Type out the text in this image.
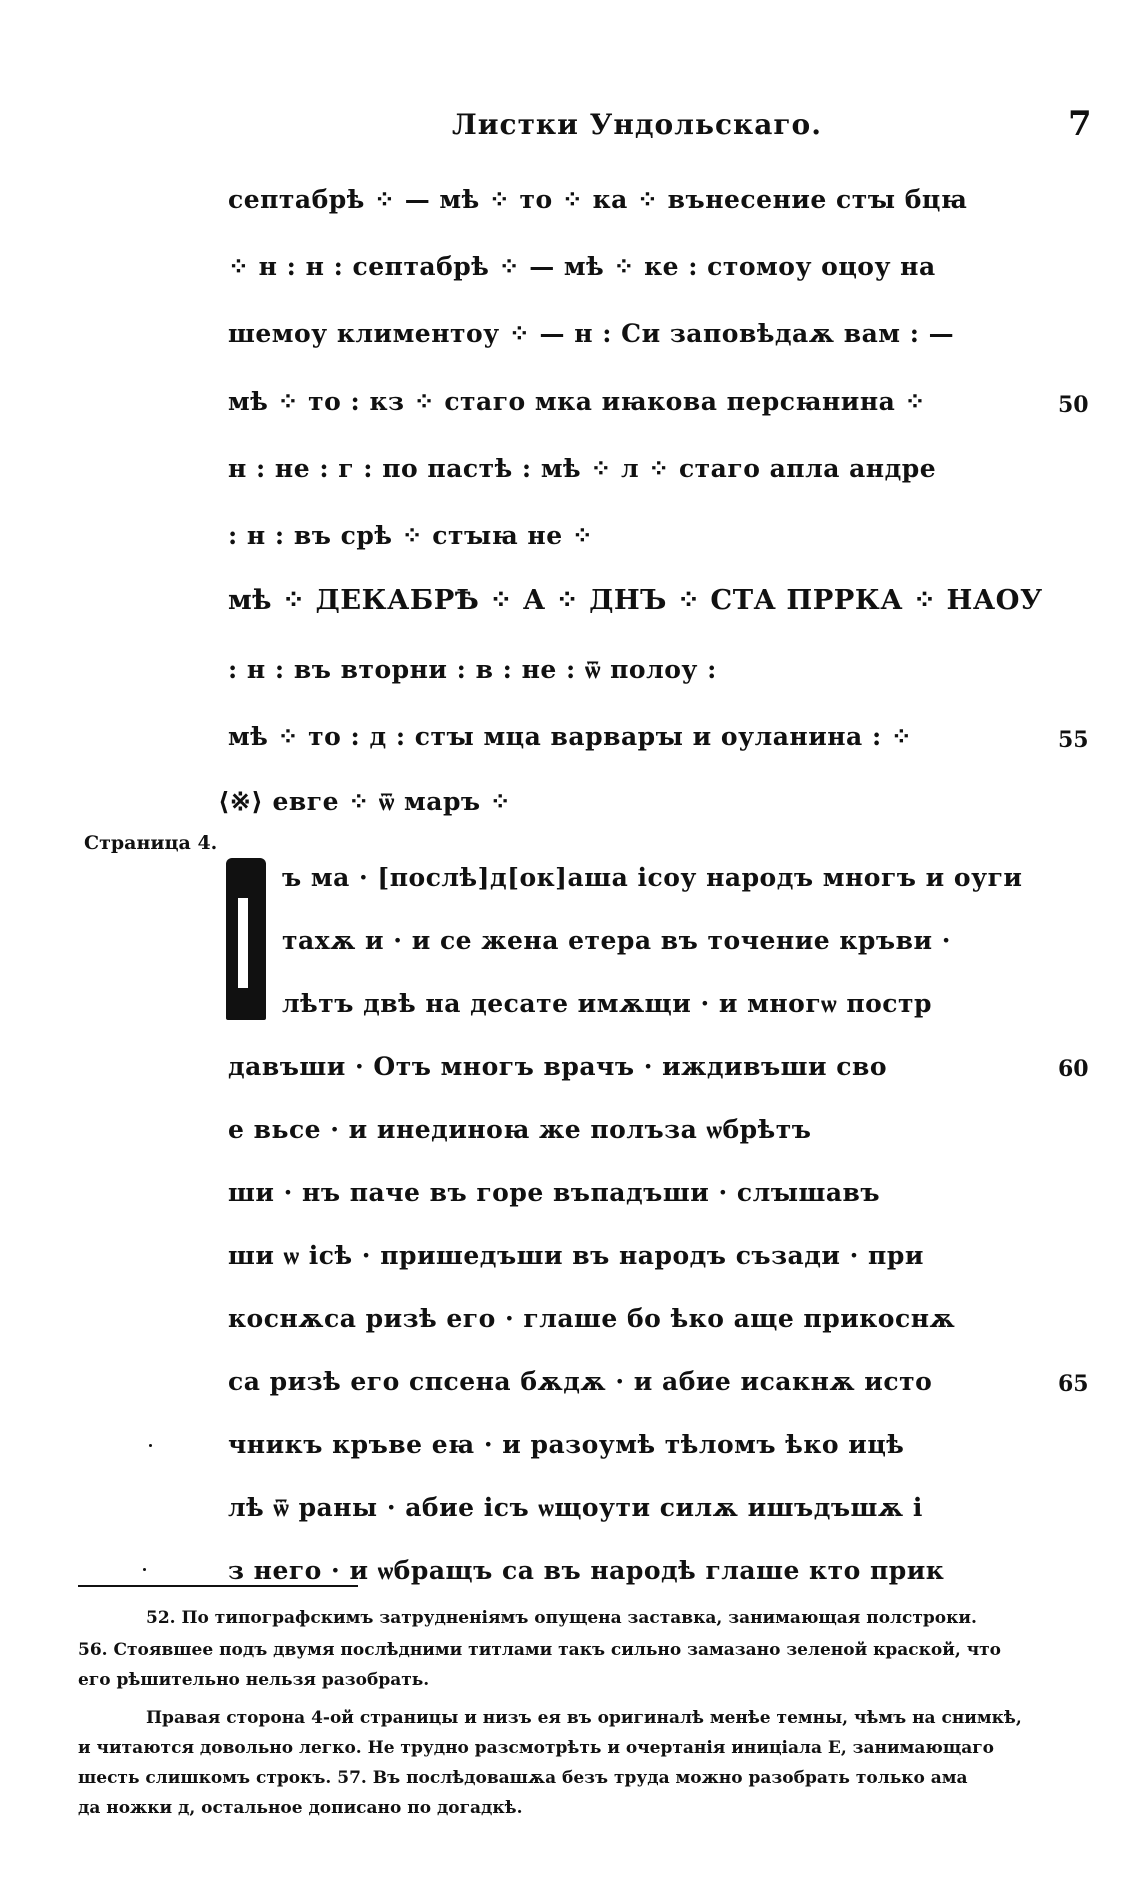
Листки Ундольскаго.	7
септабрѣ ⁘ — мѣ ⁘ то ⁘ ка ⁘ вънесение стꙑ бцꙗ
⁘ н : н : септабрѣ ⁘ — мѣ ⁘ ке : стомоу оцоу на
шемоу климентоу ⁘ — н : Си заповѣдаѫ вам : —
мѣ ⁘ то : кз ⁘ стаго мка иꙗкова персꙗнина ⁘	50
н : не : г : по пастѣ : мѣ ⁘ л ⁘ стаго апла андре
: н : въ срѣ ⁘ стꙑꙗ не ⁘
мѣ ⁘ ДЕКАБРѢ ⁘ А ⁘ ДНЪ ⁘ СТА ПРРКА ⁘ НАОУ
: н : въ вторни : в : не : ѿ полоу :
мѣ ⁘ то : д : стꙑ мца варварꙑ и оуланина : ⁘	55
⟨※⟩ евге ⁘ ѿ маръ ⁘
Страница 4.
ъ ма · [послѣ]д[ок]аша ісоу народъ многъ и оуги
тахѫ и · и се жена етера въ точение кръви ·
лѣтъ двѣ на десате имѫщи · и многѡ постр
давъши · Отъ многъ врачъ · иждивъши сво	60
е вьсе · и инединоꙗ же полъза ѡбрѣтъ
ши · нъ паче въ горе въпадъши · слꙑшавъ
ши ѡ ісѣ · пришедъши въ народъ съзади · при
коснѫса ризѣ его · глаше бо ѣко аще прикоснѫ
са ризѣ его спсена бѫдѫ · и абие исакнѫ исто	65
чникъ кръве еꙗ · и разоумѣ тѣломъ ѣко ицѣ
лѣ ѿ раны · абие ісъ ѡщоути силѫ ишъдъшѫ і
з него · и ѡбращъ са въ народѣ глаше кто прик
52. По типографскимъ затрудненіямъ опущена заставка, занимающая полстроки.
56. Стоявшее подъ двумя послѣдними титлами такъ сильно замазано зеленой краской, что
его рѣшительно нельзя разобрать.
Правая сторона 4-ой страницы и низъ ея въ оригиналѣ менѣе темны, чѣмъ на снимкѣ,
и читаются довольно легко. Не трудно разсмотрѣть и очертанія иниціала Е, занимающаго
шесть слишкомъ строкъ. 57. Въ послѣдовашѫа безъ труда можно разобрать только ама
да ножки д, остальное дописано по догадкѣ.
